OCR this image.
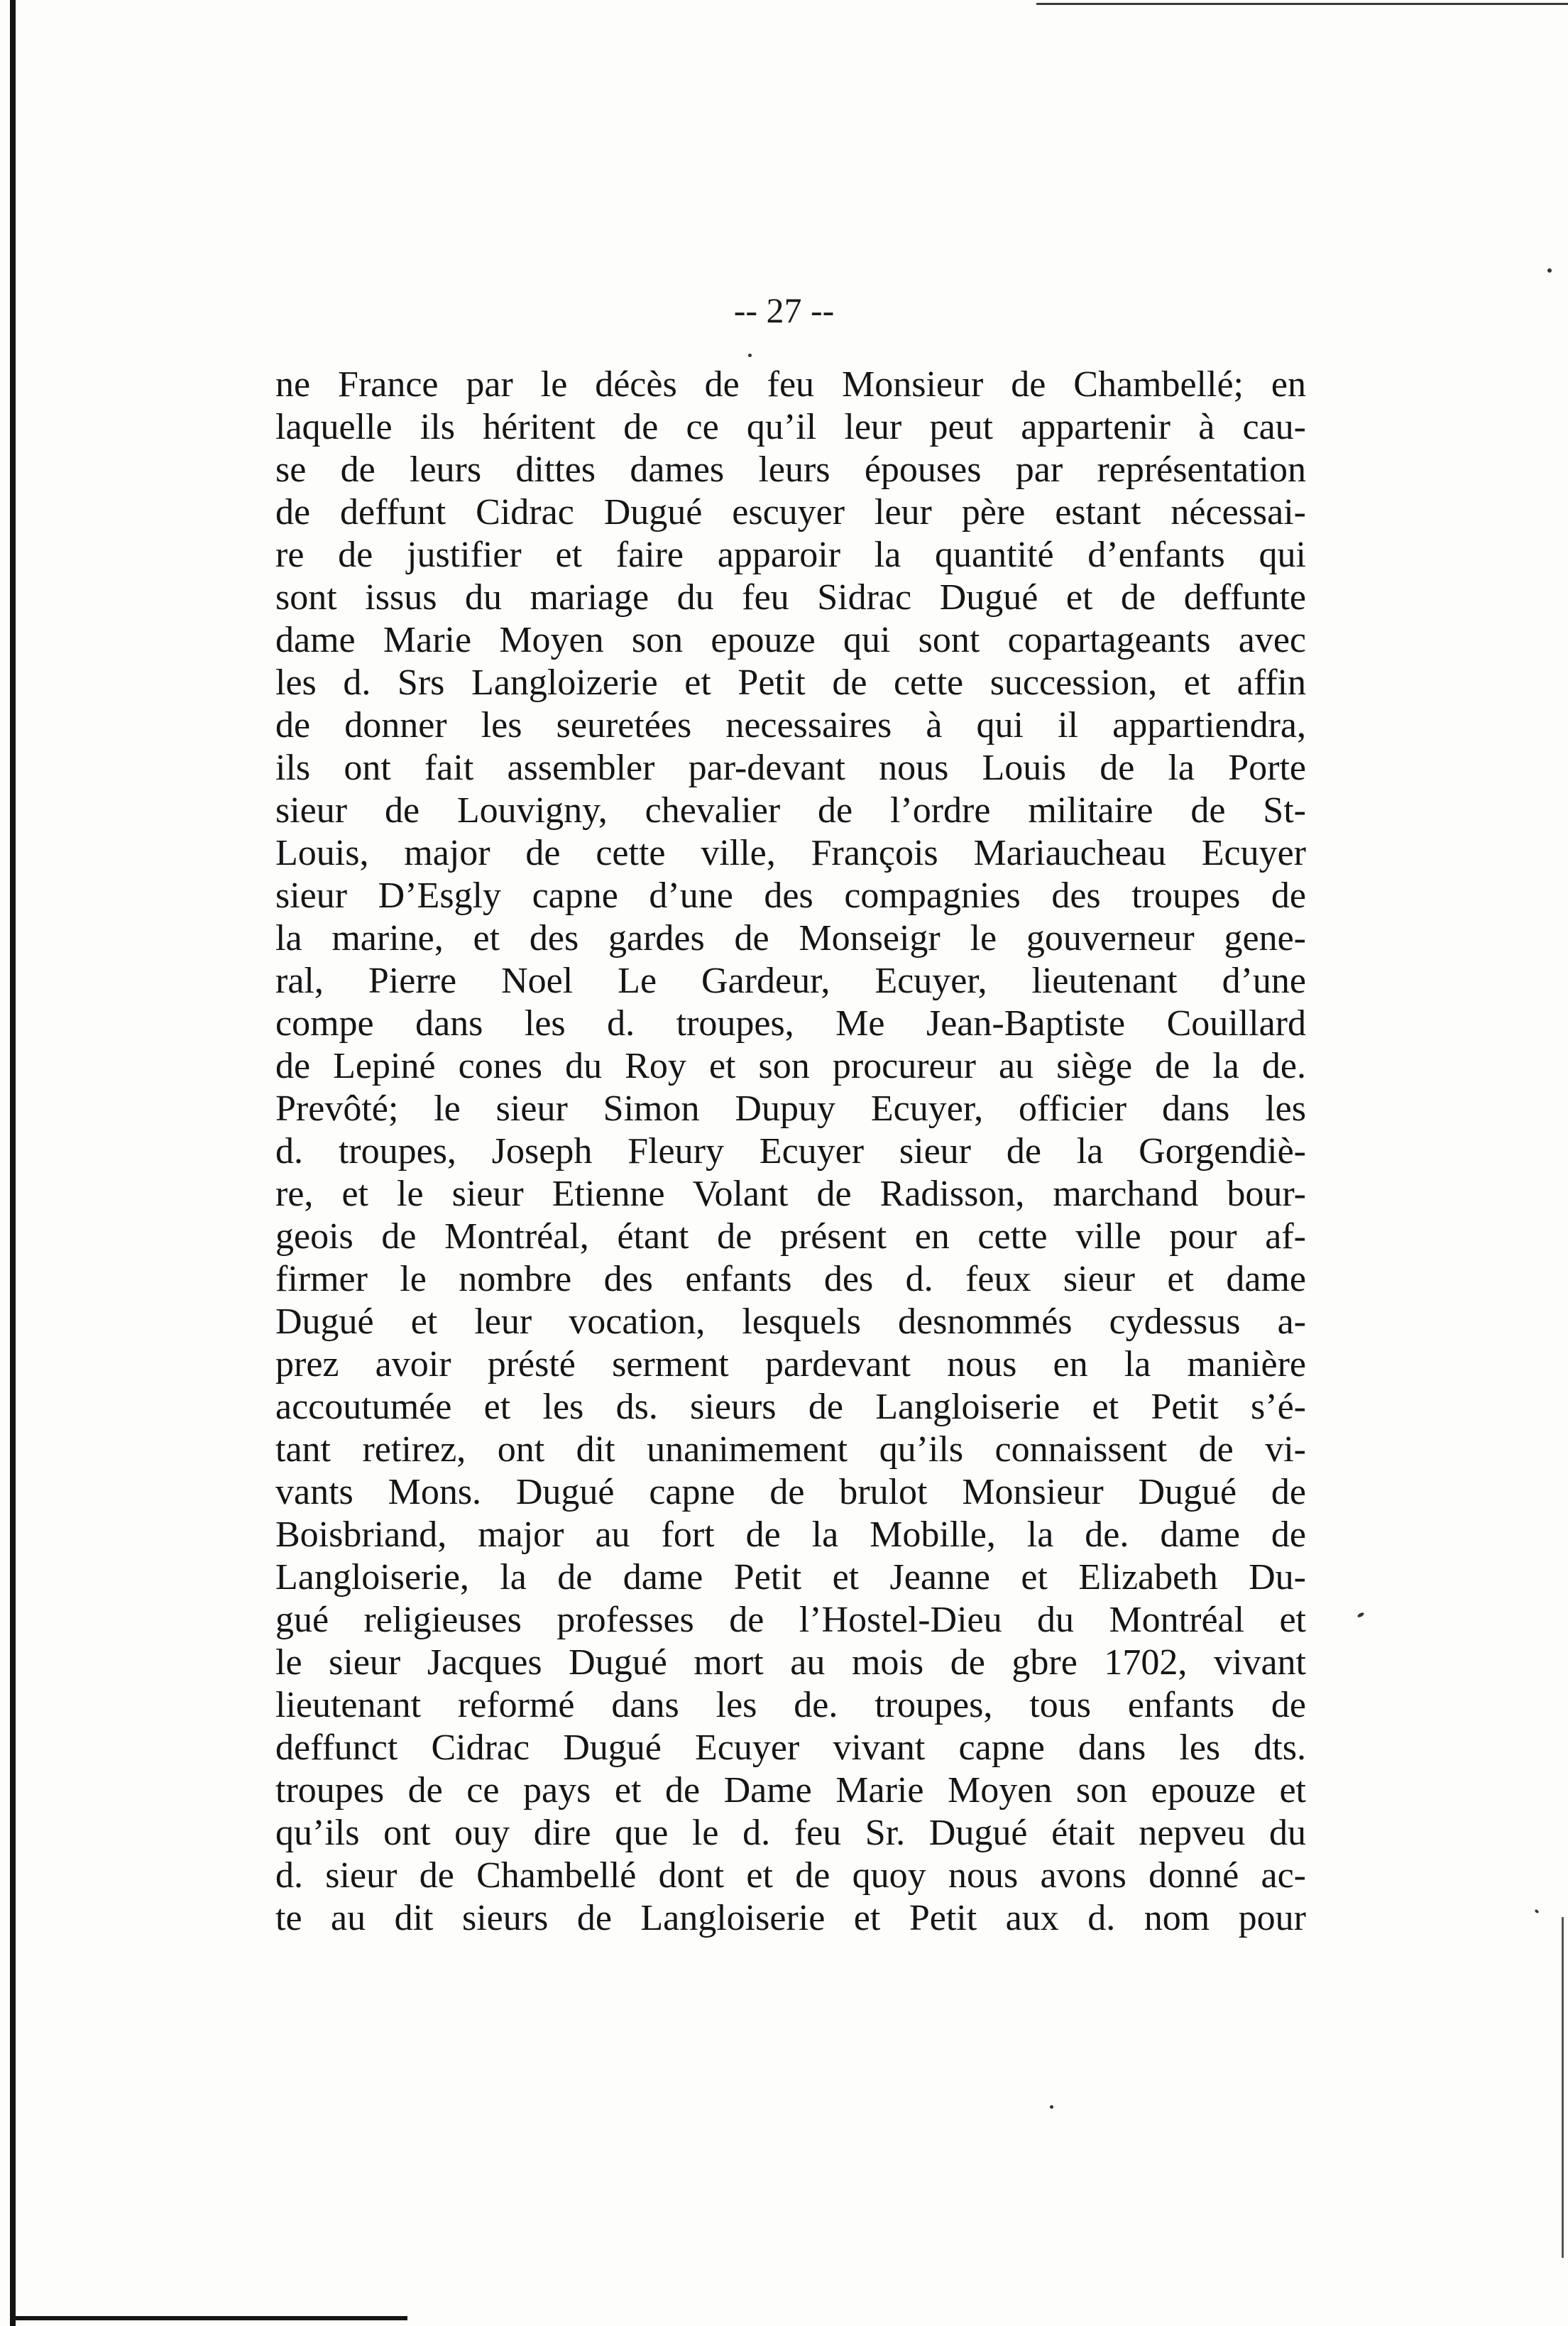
-- 27 --
ne France par le décès de feu Monsieur de Chambellé; en
laquelle ils héritent de ce qu’il leur peut appartenir à cau-
se de leurs dittes dames leurs épouses par représentation
de deffunt Cidrac Dugué escuyer leur père estant nécessai-
re de justifier et faire apparoir la quantité d’enfants qui
sont issus du mariage du feu Sidrac Dugué et de deffunte
dame Marie Moyen son epouze qui sont copartageants avec
les d. Srs Langloizerie et Petit de cette succession, et affin
de donner les seuretées necessaires à qui il appartiendra,
ils ont fait assembler par-devant nous Louis de la Porte
sieur de Louvigny, chevalier de l’ordre militaire de St-
Louis, major de cette ville, François Mariaucheau Ecuyer
sieur D’Esgly capne d’une des compagnies des troupes de
la marine, et des gardes de Monseigr le gouverneur gene-
ral, Pierre Noel Le Gardeur, Ecuyer, lieutenant d’une
compe dans les d. troupes, Me Jean-Baptiste Couillard
de Lepiné cones du Roy et son procureur au siège de la de.
Prevôté; le sieur Simon Dupuy Ecuyer, officier dans les
d. troupes, Joseph Fleury Ecuyer sieur de la Gorgendiè-
re, et le sieur Etienne Volant de Radisson, marchand bour-
geois de Montréal, étant de présent en cette ville pour af-
firmer le nombre des enfants des d. feux sieur et dame
Dugué et leur vocation, lesquels desnommés cydessus a-
prez avoir présté serment pardevant nous en la manière
accoutumée et les ds. sieurs de Langloiserie et Petit s’é-
tant retirez, ont dit unanimement qu’ils connaissent de vi-
vants Mons. Dugué capne de brulot Monsieur Dugué de
Boisbriand, major au fort de la Mobille, la de. dame de
Langloiserie, la de dame Petit et Jeanne et Elizabeth Du-
gué religieuses professes de l’Hostel-Dieu du Montréal et
le sieur Jacques Dugué mort au mois de gbre 1702, vivant
lieutenant reformé dans les de. troupes, tous enfants de
deffunct Cidrac Dugué Ecuyer vivant capne dans les dts.
troupes de ce pays et de Dame Marie Moyen son epouze et
qu’ils ont ouy dire que le d. feu Sr. Dugué était nepveu du
d. sieur de Chambellé dont et de quoy nous avons donné ac-
te au dit sieurs de Langloiserie et Petit aux d. nom pour
